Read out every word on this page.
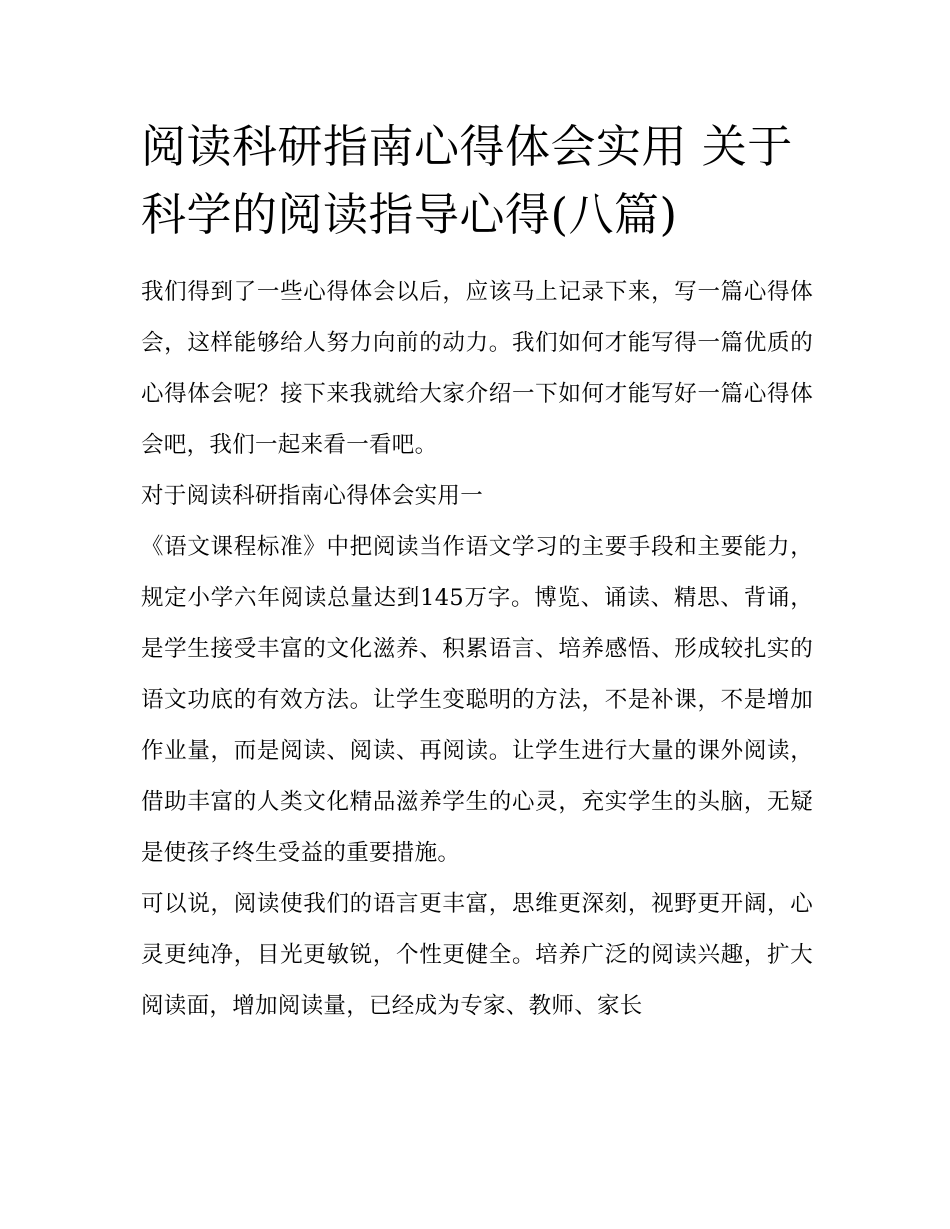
阅读科研指南心得体会实用 关于科学的阅读指导心得(八篇)

我们得到了一些心得体会以后，应该马上记录下来，写一篇心得体会，这样能够给人努力向前的动力。我们如何才能写得一篇优质的心得体会呢？接下来我就给大家介绍一下如何才能写好一篇心得体会吧，我们一起来看一看吧。

对于阅读科研指南心得体会实用一

《语文课程标准》中把阅读当作语文学习的主要手段和主要能力，规定小学六年阅读总量达到145万字。博览、诵读、精思、背诵，是学生接受丰富的文化滋养、积累语言、培养感悟、形成较扎实的语文功底的有效方法。让学生变聪明的方法，不是补课，不是增加作业量，而是阅读、阅读、再阅读。让学生进行大量的课外阅读，借助丰富的人类文化精品滋养学生的心灵，充实学生的头脑，无疑是使孩子终生受益的重要措施。

可以说，阅读使我们的语言更丰富，思维更深刻，视野更开阔，心灵更纯净，目光更敏锐，个性更健全。培养广泛的阅读兴趣，扩大阅读面，增加阅读量，已经成为专家、教师、家长
